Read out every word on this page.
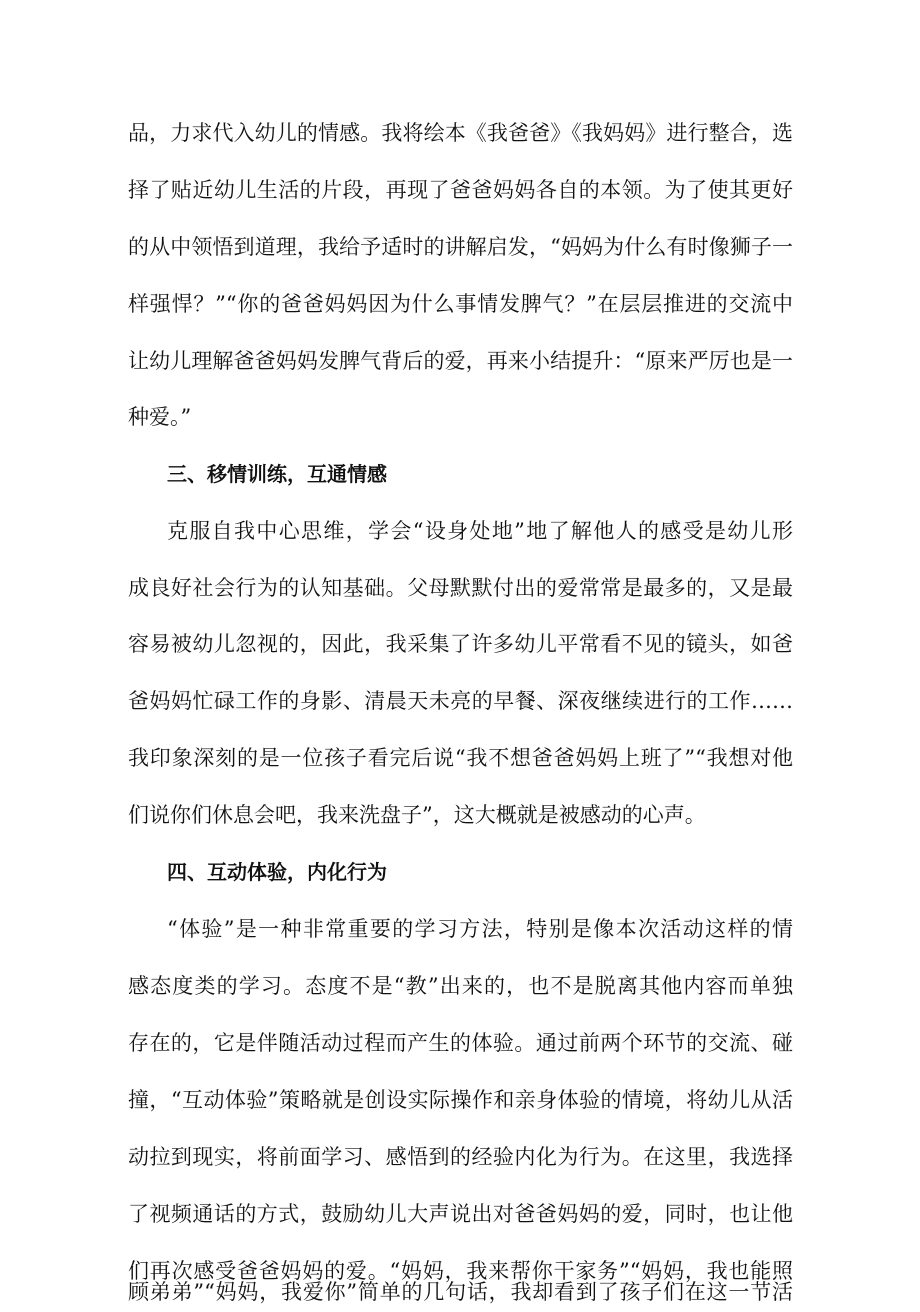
品，力求代入幼儿的情感。我将绘本《我爸爸》《我妈妈》进行整合，选
择了贴近幼儿生活的片段，再现了爸爸妈妈各自的本领。为了使其更好
的从中领悟到道理，我给予适时的讲解启发，“妈妈为什么有时像狮子一
样强悍？”“你的爸爸妈妈因为什么事情发脾气？”在层层推进的交流中
让幼儿理解爸爸妈妈发脾气背后的爱，再来小结提升：“原来严厉也是一
种爱。”
三、移情训练，互通情感
克服自我中心思维，学会“设身处地”地了解他人的感受是幼儿形
成良好社会行为的认知基础。父母默默付出的爱常常是最多的，又是最
容易被幼儿忽视的，因此，我采集了许多幼儿平常看不见的镜头，如爸
爸妈妈忙碌工作的身影、清晨天未亮的早餐、深夜继续进行的工作……
我印象深刻的是一位孩子看完后说“我不想爸爸妈妈上班了”“我想对他
们说你们休息会吧，我来洗盘子”，这大概就是被感动的心声。
四、互动体验，内化行为
“体验”是一种非常重要的学习方法，特别是像本次活动这样的情
感态度类的学习。态度不是“教”出来的，也不是脱离其他内容而单独
存在的，它是伴随活动过程而产生的体验。通过前两个环节的交流、碰
撞，“互动体验”策略就是创设实际操作和亲身体验的情境，将幼儿从活
动拉到现实，将前面学习、感悟到的经验内化为行为。在这里，我选择
了视频通话的方式，鼓励幼儿大声说出对爸爸妈妈的爱，同时，也让他
们再次感受爸爸妈妈的爱。“妈妈，我来帮你干家务”“妈妈，我也能照
顾弟弟”“妈妈，我爱你”简单的几句话，我却看到了孩子们在这一节活
